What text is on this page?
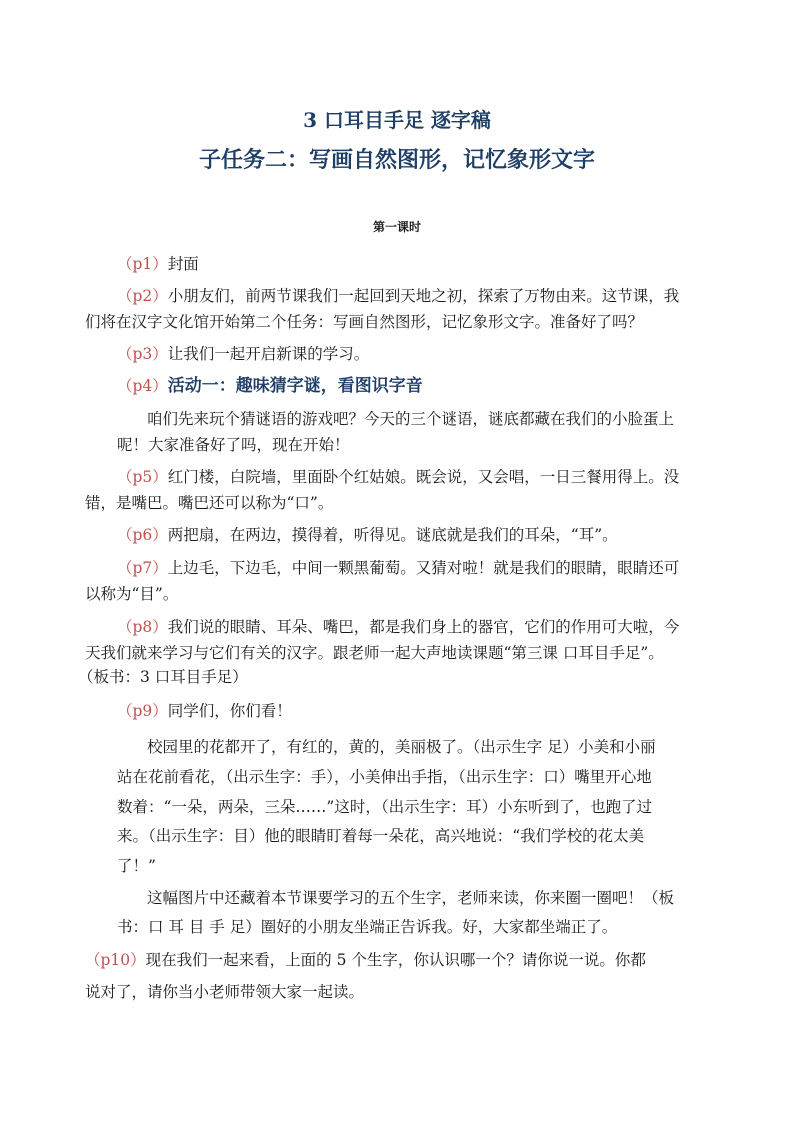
3 口耳目手足 逐字稿
子任务二：写画自然图形，记忆象形文字
第一课时
（p1）封面
（p2）小朋友们，前两节课我们一起回到天地之初，探索了万物由来。这节课，我
们将在汉字文化馆开始第二个任务：写画自然图形，记忆象形文字。准备好了吗？
（p3）让我们一起开启新课的学习。
（p4）活动一：趣味猜字谜，看图识字音
咱们先来玩个猜谜语的游戏吧？今天的三个谜语，谜底都藏在我们的小脸蛋上
呢！大家准备好了吗，现在开始！
（p5）红门楼，白院墙，里面卧个红姑娘。既会说，又会唱，一日三餐用得上。没
错，是嘴巴。嘴巴还可以称为“口”。
（p6）两把扇，在两边，摸得着，听得见。谜底就是我们的耳朵，“耳”。
（p7）上边毛，下边毛，中间一颗黑葡萄。又猜对啦！就是我们的眼睛，眼睛还可
以称为“目”。
（p8）我们说的眼睛、耳朵、嘴巴，都是我们身上的器官，它们的作用可大啦，今
天我们就来学习与它们有关的汉字。跟老师一起大声地读课题“第三课 口耳目手足”。
（板书：3 口耳目手足）
（p9）同学们，你们看！
校园里的花都开了，有红的，黄的，美丽极了。（出示生字 足）小美和小丽
站在花前看花，（出示生字：手），小美伸出手指，（出示生字：口）嘴里开心地
数着：“一朵，两朵，三朵……”这时，（出示生字：耳）小东听到了，也跑了过
来。（出示生字：目）他的眼睛盯着每一朵花，高兴地说：“我们学校的花太美
了！”
这幅图片中还藏着本节课要学习的五个生字，老师来读，你来圈一圈吧！（板
书：口 耳 目 手 足）圈好的小朋友坐端正告诉我。好，大家都坐端正了。
（p10）现在我们一起来看，上面的 5 个生字，你认识哪一个？请你说一说。你都
说对了，请你当小老师带领大家一起读。
